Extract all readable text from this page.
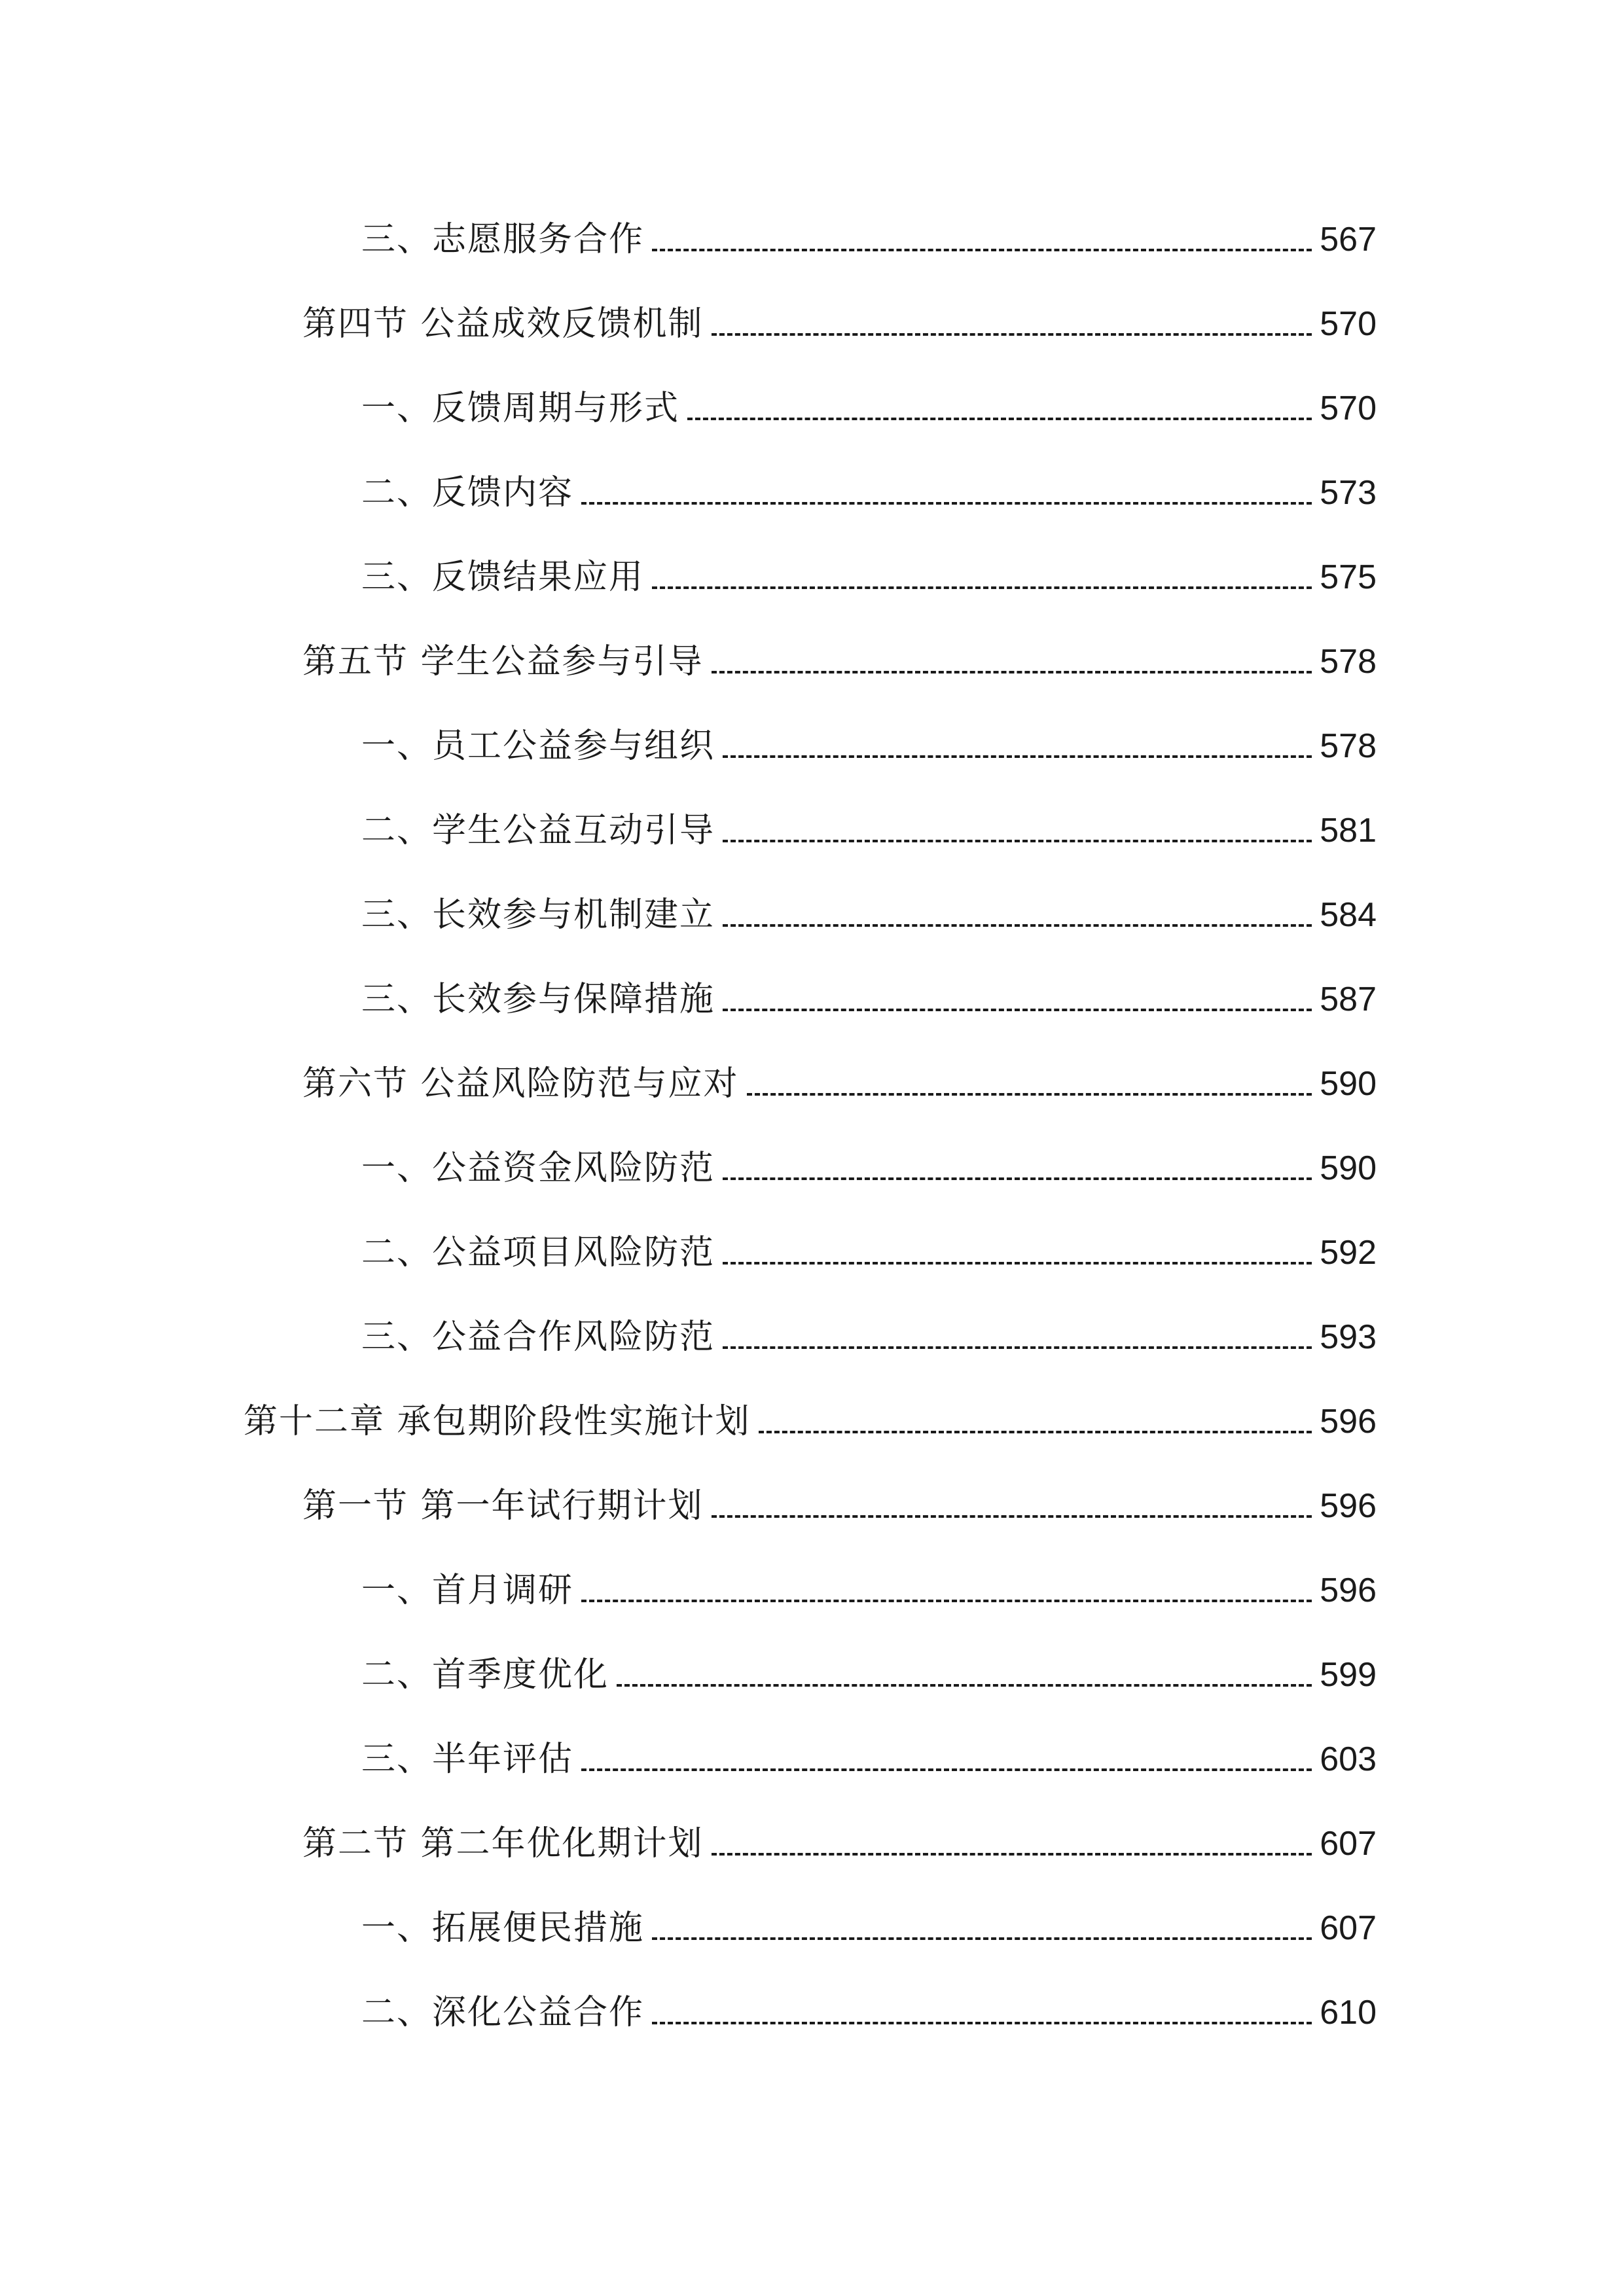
三、志愿服务合作	567
第四节 公益成效反馈机制	570
一、反馈周期与形式	570
二、反馈内容	573
三、反馈结果应用	575
第五节 学生公益参与引导	578
一、员工公益参与组织	578
二、学生公益互动引导	581
三、长效参与机制建立	584
三、长效参与保障措施	587
第六节 公益风险防范与应对	590
一、公益资金风险防范	590
二、公益项目风险防范	592
三、公益合作风险防范	593
第十二章 承包期阶段性实施计划	596
第一节 第一年试行期计划	596
一、首月调研	596
二、首季度优化	599
三、半年评估	603
第二节 第二年优化期计划	607
一、拓展便民措施	607
二、深化公益合作	610
